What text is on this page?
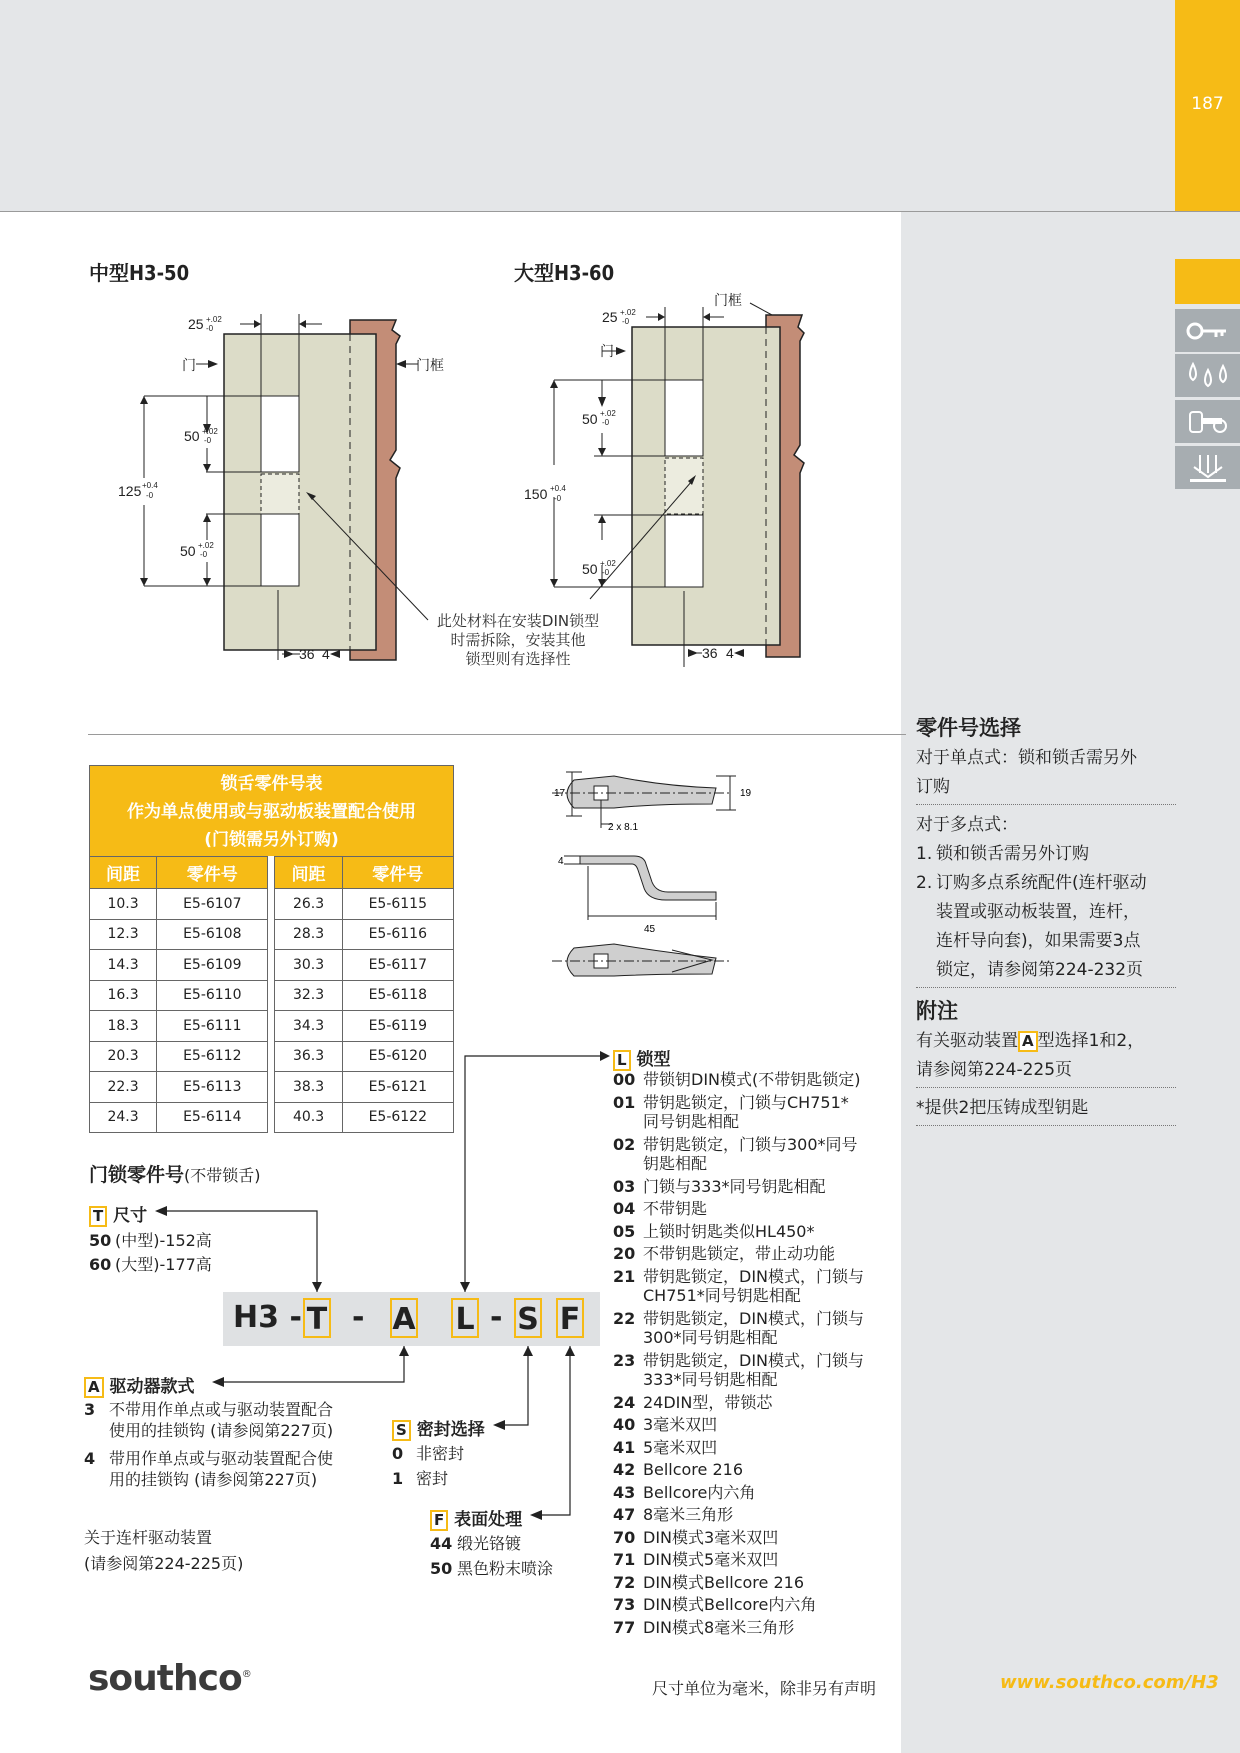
187
中型H3-50	大型H3-60
25 +.02
-0
门	门框
50 +.02
-0
125 +0.4
-0
50 +.02
-0
36 4
25 +.02
-0
门框
门
50 +.02
-0
150 +0.4
-0
50 +.02
-0
36 4
此处材料在安装DIN锁型
时需拆除，安装其他
锁型则有选择性
锁舌零件号表
作为单点使用或与驱动板装置配合使用
(门锁需另外订购)
间距	零件号		间距	零件号
10.3	E5-6107		26.3	E5-6115
12.3	E5-6108		28.3	E5-6116
14.3	E5-6109		30.3	E5-6117
16.3	E5-6110		32.3	E5-6118
18.3	E5-6111		34.3	E5-6119
20.3	E5-6112		36.3	E5-6120
22.3	E5-6113		38.3	E5-6121
24.3	E5-6114		40.3	E5-6122
17	19
2 x 8.1
4
45
门锁零件号(不带锁舌)
T 尺寸
50 (中型)-152高
60 (大型)-177高
H3 - T - A L - S F
A 驱动器款式
3 不带用作单点或与驱动装置配合
使用的挂锁钩 (请参阅第227页)
4 带用作单点或与驱动装置配合使
用的挂锁钩 (请参阅第227页)
关于连杆驱动装置
(请参阅第224-225页)
S 密封选择
0 非密封
1 密封
F 表面处理
44 缎光铬镀
50 黑色粉末喷涂
L 锁型
00 带锁钥DIN模式(不带钥匙锁定)
01 带钥匙锁定，门锁与CH751*
同号钥匙相配
02 带钥匙锁定，门锁与300*同号
钥匙相配
03 门锁与333*同号钥匙相配
04 不带钥匙
05 上锁时钥匙类似HL450*
20 不带钥匙锁定，带止动功能
21 带钥匙锁定，DIN模式，门锁与
CH751*同号钥匙相配
22 带钥匙锁定，DIN模式，门锁与
300*同号钥匙相配
23 带钥匙锁定，DIN模式，门锁与
333*同号钥匙相配
24 24DIN型，带锁芯
40 3毫米双凹
41 5毫米双凹
42 Bellcore 216
43 Bellcore内六角
47 8毫米三角形
70 DIN模式3毫米双凹
71 DIN模式5毫米双凹
72 DIN模式Bellcore 216
73 DIN模式Bellcore内六角
77 DIN模式8毫米三角形
零件号选择
对于单点式：锁和锁舌需另外
订购
对于多点式：
1. 锁和锁舌需另外订购
2. 订购多点系统配件(连杆驱动
装置或驱动板装置，连杆，
连杆导向套)，如果需要3点
锁定，请参阅第224-232页
附注
有关驱动装置 A 型选择1和2，
请参阅第224-225页
*提供2把压铸成型钥匙
southco®
尺寸单位为毫米，除非另有声明	www.southco.com/H3
